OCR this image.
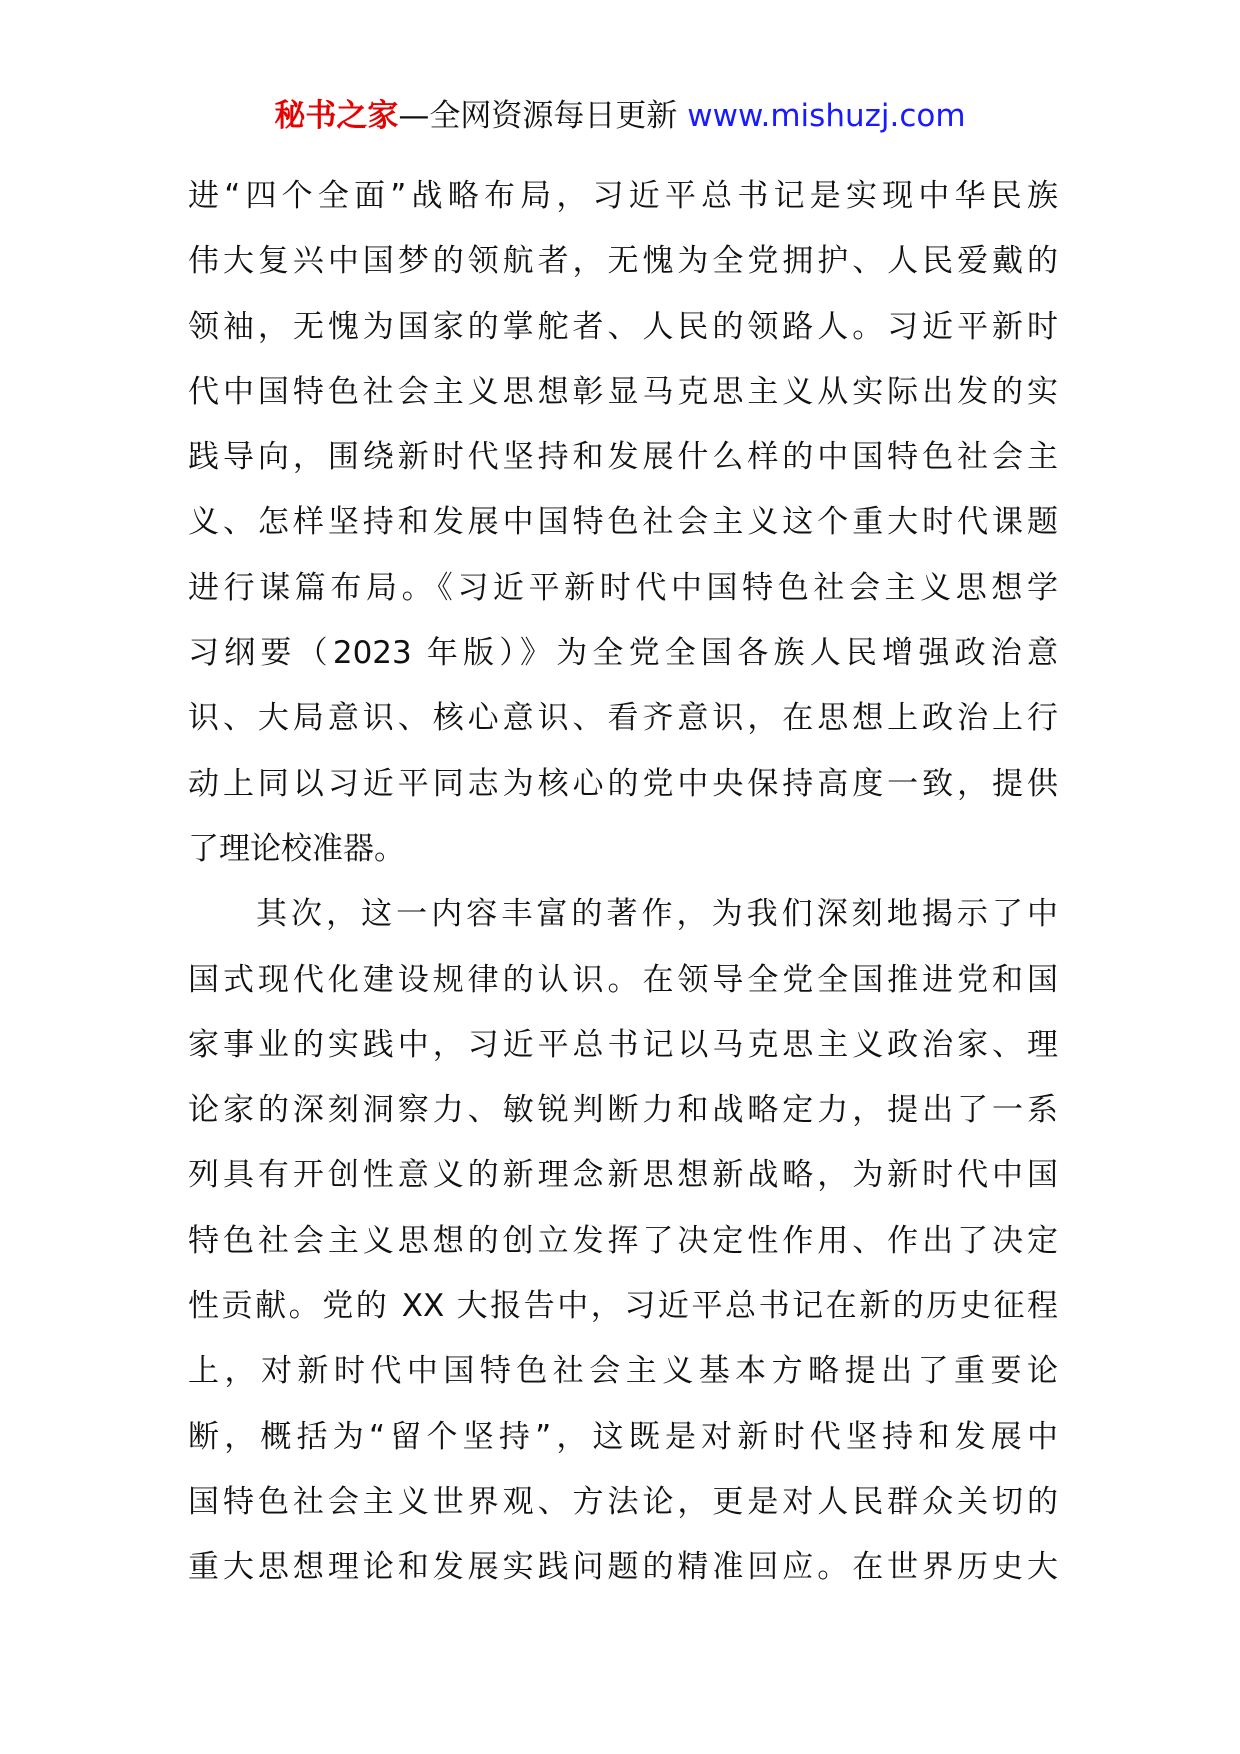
秘书之家—全网资源每日更新 www.mishuzj.com
进“四个全面”战略布局，习近平总书记是实现中华民族
伟大复兴中国梦的领航者，无愧为全党拥护、人民爱戴的
领袖，无愧为国家的掌舵者、人民的领路人。习近平新时
代中国特色社会主义思想彰显马克思主义从实际出发的实
践导向，围绕新时代坚持和发展什么样的中国特色社会主
义、怎样坚持和发展中国特色社会主义这个重大时代课题
进行谋篇布局。《习近平新时代中国特色社会主义思想学
习纲要（2023 年版）》为全党全国各族人民增强政治意
识、大局意识、核心意识、看齐意识，在思想上政治上行
动上同以习近平同志为核心的党中央保持高度一致，提供
了理论校准器。
其次，这一内容丰富的著作，为我们深刻地揭示了中
国式现代化建设规律的认识。在领导全党全国推进党和国
家事业的实践中，习近平总书记以马克思主义政治家、理
论家的深刻洞察力、敏锐判断力和战略定力，提出了一系
列具有开创性意义的新理念新思想新战略，为新时代中国
特色社会主义思想的创立发挥了决定性作用、作出了决定
性贡献。党的 XX 大报告中，习近平总书记在新的历史征程
上，对新时代中国特色社会主义基本方略提出了重要论
断，概括为“留个坚持”，这既是对新时代坚持和发展中
国特色社会主义世界观、方法论，更是对人民群众关切的
重大思想理论和发展实践问题的精准回应。在世界历史大
